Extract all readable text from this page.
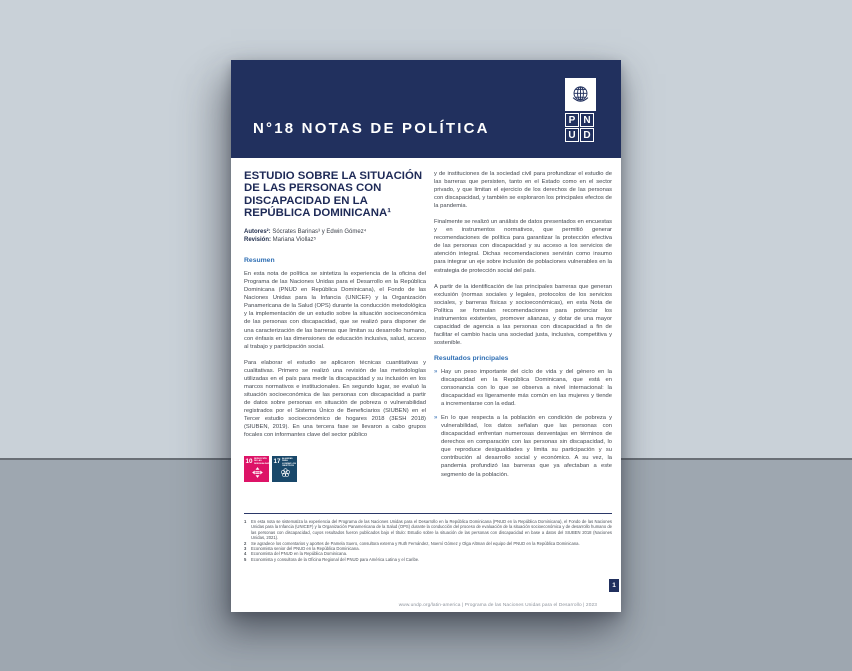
N°18 NOTAS DE POLÍTICA	P N
U D
ESTUDIO SOBRE LA SITUACIÓN DE LAS PERSONAS CON DISCAPACIDAD EN LA REPÚBLICA DOMINICANA¹

Autores²: Sócrates Barinas³ y Edwin Gómez⁴

Revisión: Mariana Viollaz⁵

Resumen

En esta nota de política se sintetiza la experiencia de la oficina del Programa de las Naciones Unidas para el Desarrollo en la República Dominicana (PNUD en República Dominicana), el Fondo de las Naciones Unidas para la Infancia (UNICEF) y la Organización Panamericana de la Salud (OPS) durante la conducción metodológica y la implementación de un estudio sobre la situación socioeconómica de las personas con discapacidad, que se realizó para disponer de una caracterización de las barreras que limitan su desarrollo humano, con énfasis en las dimensiones de educación inclusiva, salud, acceso al trabajo y participación social.

Para elaborar el estudio se aplicaron técnicas cuantitativas y cualitativas. Primero se realizó una revisión de las metodologías utilizadas en el país para medir la discapacidad y su inclusión en los marcos normativos e institucionales. En segundo lugar, se evaluó la situación socioeconómica de las personas con discapacidad a partir de datos sobre personas en situación de pobreza o vulnerabilidad registrados por el Sistema Único de Beneficiarios (SIUBEN) en el Tercer estudio socioeconómico de hogares 2018 (3ESH 2018) (SIUBEN, 2019). En una tercera fase se llevaron a cabo grupos focales con informantes clave del sector público

10 REDUCCIÓN DE LAS DESIGUALDADES 17 ALIANZAS PARA LOGRAR LOS OBJETIVOS

y de instituciones de la sociedad civil para profundizar el estudio de las barreras que persisten, tanto en el Estado como en el sector privado, y que limitan el ejercicio de los derechos de las personas con discapacidad, y también se exploraron los principales efectos de la pandemia.

Finalmente se realizó un análisis de datos presentados en encuestas y en instrumentos normativos, que permitió generar recomendaciones de política para garantizar la protección efectiva de las personas con discapacidad y su acceso a los servicios de atención integral. Dichas recomendaciones servirán como insumo para integrar un eje sobre inclusión de poblaciones vulnerables en la estrategia de protección social del país.

A partir de la identificación de las principales barreras que generan exclusión (normas sociales y legales, protocolos de los servicios sociales, y barreras físicas y socioeconómicas), en esta Nota de Política se formulan recomendaciones para potenciar los instrumentos existentes, promover alianzas, y dotar de una mayor capacidad de agencia a las personas con discapacidad a fin de facilitar el cambio hacia una sociedad justa, inclusiva, competitiva y sostenible.

Resultados principales
» Hay un peso importante del ciclo de vida y del género en la discapacidad en la República Dominicana, que está en consonancia con lo que se observa a nivel internacional: la discapacidad es ligeramente más común en las mujeres y tiende a incrementarse con la edad.
» En lo que respecta a la población en condición de pobreza y vulnerabilidad, los datos señalan que las personas con discapacidad enfrentan numerosas desventajas en términos de derechos en comparación con las personas sin discapacidad, lo que reproduce desigualdades y limita su participación y su contribución al desarrollo social y económico. A su vez, la pandemia profundizó las barreras que ya afectaban a este segmento de la población.
1	En esta nota se sistematiza la experiencia del Programa de las Naciones Unidas para el Desarrollo en la República Dominicana (PNUD en la República Dominicana), el Fondo de las Naciones Unidas para la Infancia (UNICEF) y la Organización Panamericana de la Salud (OPS) durante la conducción del proceso de evaluación de la situación socioeconómica y de desarrollo humano de las personas con discapacidad, cuyos resultados fueron publicados bajo el título: Estudio sobre la situación de las personas con discapacidad en base a datos del SIUBEN 2018 (Naciones Unidas, 2021).
2	Se agradece los comentarios y aportes de Pamela Suero, consultora externa y Ruth Fernández, Noemí Gómez y Olga Altman del equipo del PNUD en la República Dominicana.
3	Economista senior del PNUD en la República Dominicana.
4	Economista del PNUD en la República Dominicana.
5	Economista y consultora de la Oficina Regional del PNUD para América Latina y el Caribe.
1
www.undp.org/latin-america | Programa de las Naciones Unidas para el Desarrollo | 2023
